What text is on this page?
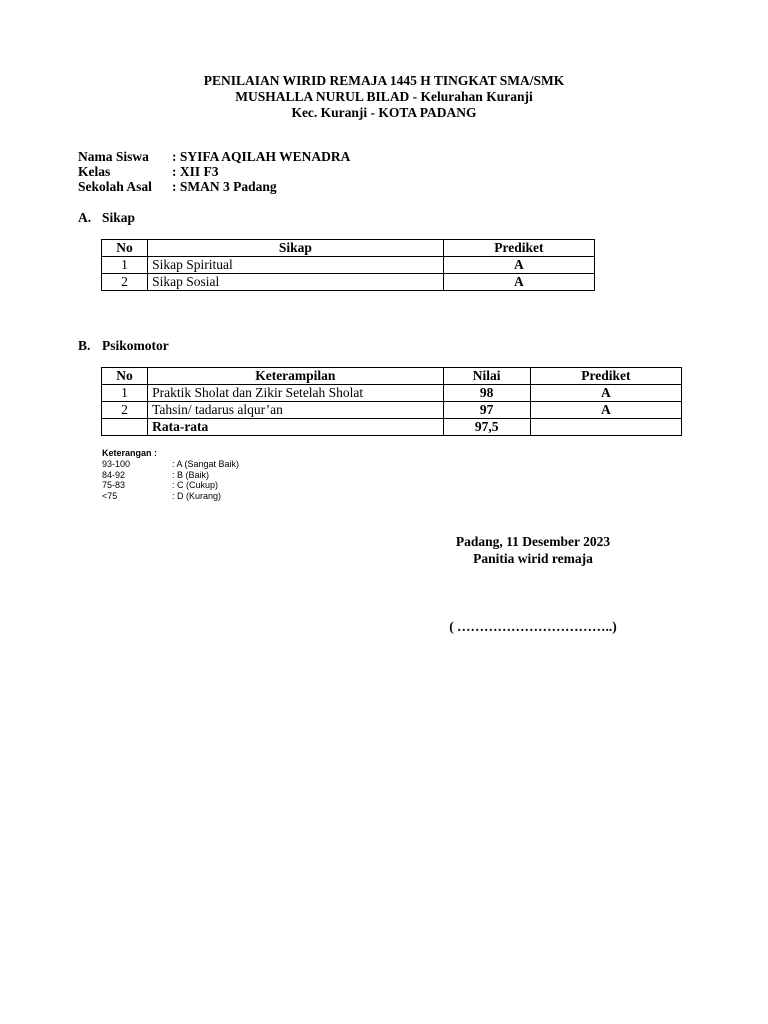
PENILAIAN WIRID REMAJA 1445 H TINGKAT SMA/SMK
MUSHALLA NURUL BILAD - Kelurahan Kuranji
Kec. Kuranji - KOTA PADANG
Nama Siswa	: SYIFA AQILAH WENADRA
Kelas	: XII F3
Sekolah Asal	: SMAN 3 Padang
A. Sikap
No	Sikap	Prediket
1	Sikap Spiritual	A
2	Sikap Sosial	A
B. Psikomotor
No	Keterampilan	Nilai	Prediket
1	Praktik Sholat dan Zikir Setelah Sholat	98	A
2	Tahsin/ tadarus alqur’an	97	A
	Rata-rata	97,5	
Keterangan :
93-100	: A (Sangat Baik)
84-92	: B (Baik)
75-83	: C (Cukup)
<75	: D (Kurang)
Padang, 11 Desember 2023
Panitia wirid remaja
( ……………………………..)
